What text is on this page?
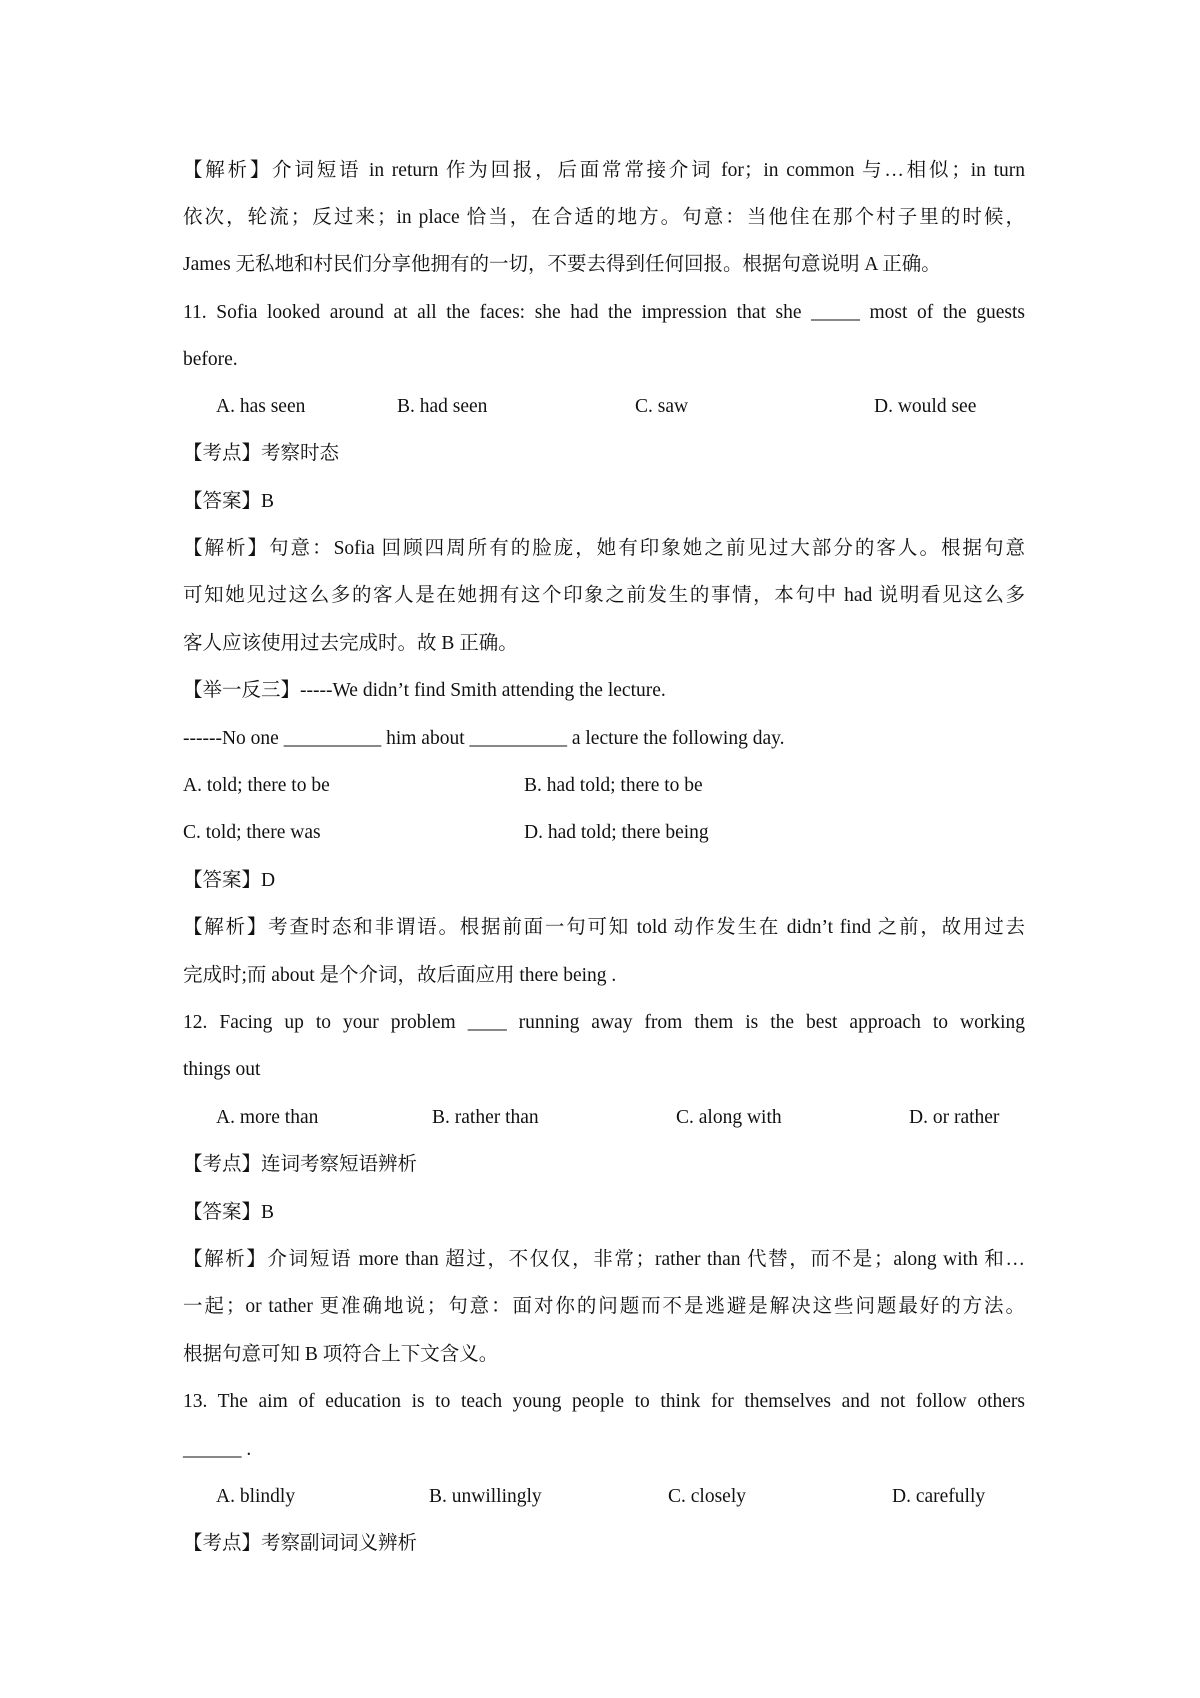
【解析】介词短语 in return 作为回报，后面常常接介词 for；in common 与…相似；in turn
依次，轮流；反过来；in place 恰当，在合适的地方。句意：当他住在那个村子里的时候，
James 无私地和村民们分享他拥有的一切，不要去得到任何回报。根据句意说明 A 正确。
11. Sofia looked around at all the faces: she had the impression that she _____ most of the guests
before.
A. has seen	B. had seen	C. saw	D. would see
【考点】考察时态
【答案】B
【解析】句意：Sofia 回顾四周所有的脸庞，她有印象她之前见过大部分的客人。根据句意
可知她见过这么多的客人是在她拥有这个印象之前发生的事情，本句中 had 说明看见这么多
客人应该使用过去完成时。故 B 正确。
【举一反三】-----We didn’t find Smith attending the lecture.
------No one __________ him about __________ a lecture the following day.
A. told; there to be	B. had told; there to be
C. told; there was	D. had told; there being
【答案】D
【解析】考查时态和非谓语。根据前面一句可知 told 动作发生在 didn’t find 之前，故用过去
完成时;而 about 是个介词，故后面应用 there being .
12. Facing up to your problem ____ running away from them is the best approach to working
things out
A. more than	B. rather than	C. along with	D. or rather
【考点】连词考察短语辨析
【答案】B
【解析】介词短语 more than 超过，不仅仅，非常；rather than 代替，而不是；along with 和…
一起；or tather 更准确地说；句意：面对你的问题而不是逃避是解决这些问题最好的方法。
根据句意可知 B 项符合上下文含义。
13. The aim of education is to teach young people to think for themselves and not follow others
______ .
A. blindly	B. unwillingly	C. closely	D. carefully
【考点】考察副词词义辨析
